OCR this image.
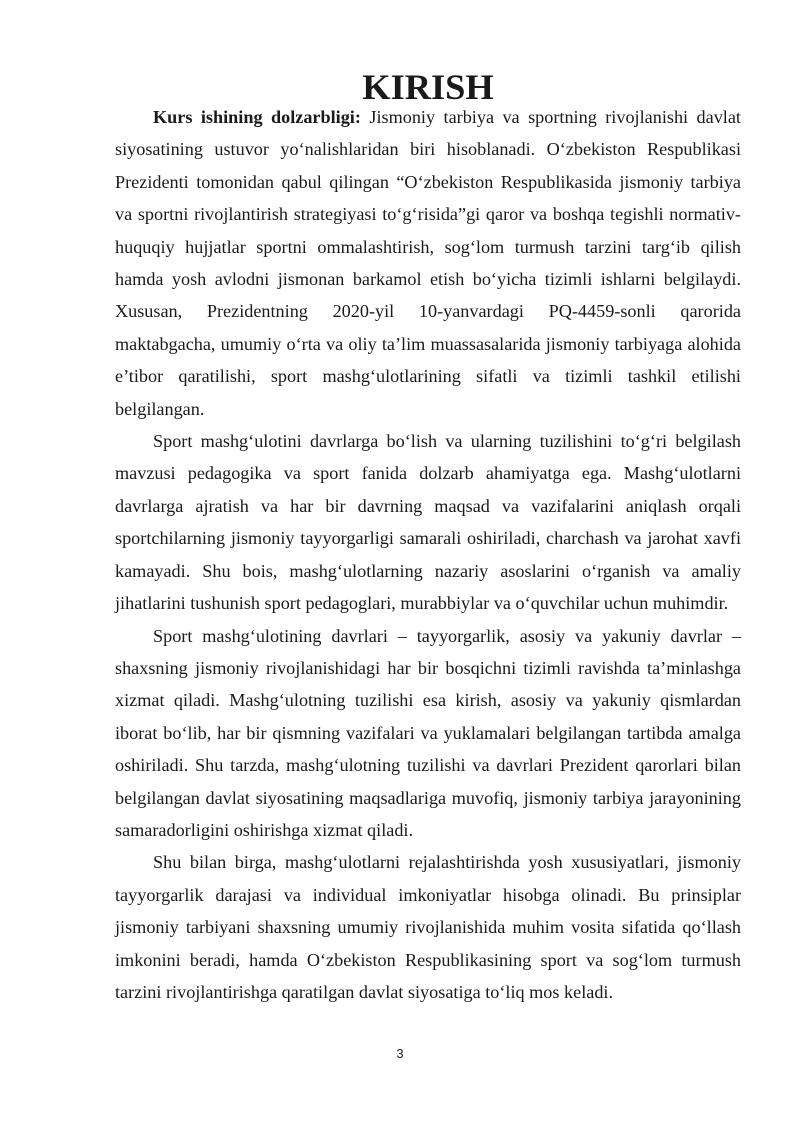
KIRISH

Kurs ishining dolzarbligi: Jismoniy tarbiya va sportning rivojlanishi davlat siyosatining ustuvor yo‘nalishlaridan biri hisoblanadi. O‘zbekiston Respublikasi Prezidenti tomonidan qabul qilingan “O‘zbekiston Respublikasida jismoniy tarbiya va sportni rivojlantirish strategiyasi to‘g‘risida”gi qaror va boshqa tegishli normativ-huquqiy hujjatlar sportni ommalashtirish, sog‘lom turmush tarzini targ‘ib qilish hamda yosh avlodni jismonan barkamol etish bo‘yicha tizimli ishlarni belgilaydi. Xususan, Prezidentning 2020-yil 10-yanvardagi PQ-4459-sonli qarorida maktabgacha, umumiy o‘rta va oliy ta’lim muassasalarida jismoniy tarbiyaga alohida e’tibor qaratilishi, sport mashg‘ulotlarining sifatli va tizimli tashkil etilishi belgilangan.

Sport mashg‘ulotini davrlarga bo‘lish va ularning tuzilishini to‘g‘ri belgilash mavzusi pedagogika va sport fanida dolzarb ahamiyatga ega. Mashg‘ulotlarni davrlarga ajratish va har bir davrning maqsad va vazifalarini aniqlash orqali sportchilarning jismoniy tayyorgarligi samarali oshiriladi, charchash va jarohat xavfi kamayadi. Shu bois, mashg‘ulotlarning nazariy asoslarini o‘rganish va amaliy jihatlarini tushunish sport pedagoglari, murabbiylar va o‘quvchilar uchun muhimdir.

Sport mashg‘ulotining davrlari – tayyorgarlik, asosiy va yakuniy davrlar – shaxsning jismoniy rivojlanishidagi har bir bosqichni tizimli ravishda ta’minlashga xizmat qiladi. Mashg‘ulotning tuzilishi esa kirish, asosiy va yakuniy qismlardan iborat bo‘lib, har bir qismning vazifalari va yuklamalari belgilangan tartibda amalga oshiriladi. Shu tarzda, mashg‘ulotning tuzilishi va davrlari Prezident qarorlari bilan belgilangan davlat siyosatining maqsadlariga muvofiq, jismoniy tarbiya jarayonining samaradorligini oshirishga xizmat qiladi.

Shu bilan birga, mashg‘ulotlarni rejalashtirishda yosh xususiyatlari, jismoniy tayyorgarlik darajasi va individual imkoniyatlar hisobga olinadi. Bu prinsiplar jismoniy tarbiyani shaxsning umumiy rivojlanishida muhim vosita sifatida qo‘llash imkonini beradi, hamda O‘zbekiston Respublikasining sport va sog‘lom turmush tarzini rivojlantirishga qaratilgan davlat siyosatiga to‘liq mos keladi.

3
